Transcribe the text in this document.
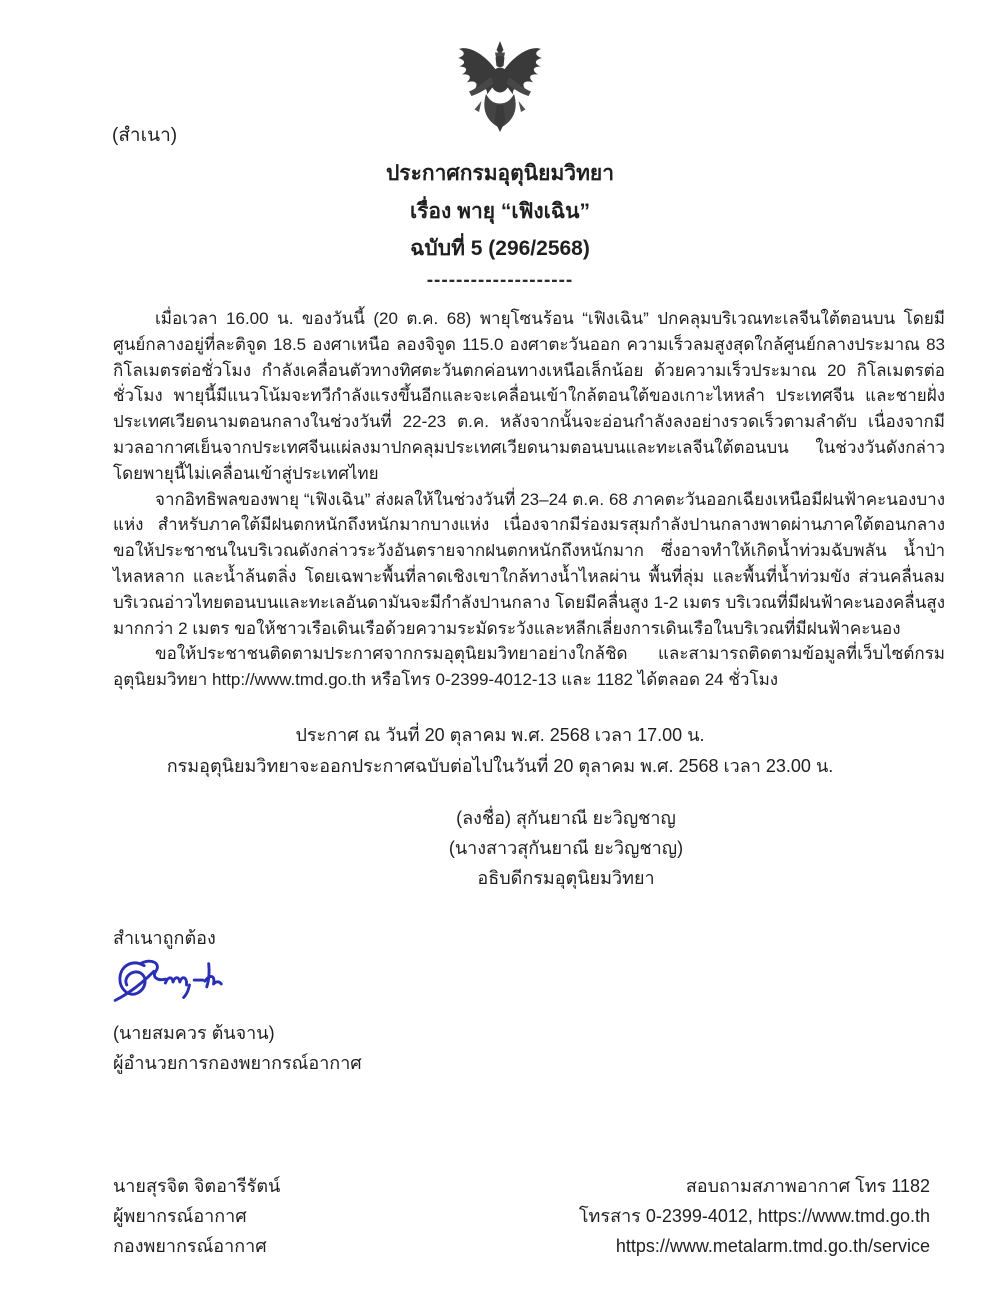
(สำเนา)
ประกาศกรมอุตุนิยมวิทยา
เรื่อง พายุ “เฟิงเฉิน”
ฉบับที่ 5 (296/2568)
--------------------

เมื่อเวลา 16.00 น. ของวันนี้ (20 ต.ค. 68) พายุโซนร้อน “เฟิงเฉิน” ปกคลุมบริเวณทะเลจีนใต้ตอนบน โดยมีศูนย์กลางอยู่ที่ละติจูด 18.5 องศาเหนือ ลองจิจูด 115.0 องศาตะวันออก ความเร็วลมสูงสุดใกล้ศูนย์กลางประมาณ 83 กิโลเมตรต่อชั่วโมง กำลังเคลื่อนตัวทางทิศตะวันตกค่อนทางเหนือเล็กน้อย ด้วยความเร็วประมาณ 20 กิโลเมตรต่อชั่วโมง พายุนี้มีแนวโน้มจะทวีกำลังแรงขึ้นอีกและจะเคลื่อนเข้าใกล้ตอนใต้ของเกาะไหหลำ ประเทศจีน และชายฝั่งประเทศเวียดนามตอนกลางในช่วงวันที่ 22-23 ต.ค. หลังจากนั้นจะอ่อนกำลังลงอย่างรวดเร็วตามลำดับ เนื่องจากมีมวลอากาศเย็นจากประเทศจีนแผ่ลงมาปกคลุมประเทศเวียดนามตอนบนและทะเลจีนใต้ตอนบน ในช่วงวันดังกล่าว โดยพายุนี้ไม่เคลื่อนเข้าสู่ประเทศไทย

จากอิทธิพลของพายุ “เฟิงเฉิน” ส่งผลให้ในช่วงวันที่ 23–24 ต.ค. 68 ภาคตะวันออกเฉียงเหนือมีฝนฟ้าคะนองบางแห่ง สำหรับภาคใต้มีฝนตกหนักถึงหนักมากบางแห่ง เนื่องจากมีร่องมรสุมกำลังปานกลางพาดผ่านภาคใต้ตอนกลาง ขอให้ประชาชนในบริเวณดังกล่าวระวังอันตรายจากฝนตกหนักถึงหนักมาก ซึ่งอาจทำให้เกิดน้ำท่วมฉับพลัน น้ำป่าไหลหลาก และน้ำล้นตลิ่ง โดยเฉพาะพื้นที่ลาดเชิงเขาใกล้ทางน้ำไหลผ่าน พื้นที่ลุ่ม และพื้นที่น้ำท่วมขัง ส่วนคลื่นลมบริเวณอ่าวไทยตอนบนและทะเลอันดามันจะมีกำลังปานกลาง โดยมีคลื่นสูง 1-2 เมตร บริเวณที่มีฝนฟ้าคะนองคลื่นสูงมากกว่า 2 เมตร ขอให้ชาวเรือเดินเรือด้วยความระมัดระวังและหลีกเลี่ยงการเดินเรือในบริเวณที่มีฝนฟ้าคะนอง

ขอให้ประชาชนติดตามประกาศจากกรมอุตุนิยมวิทยาอย่างใกล้ชิด และสามารถติดตามข้อมูลที่เว็บไซต์กรมอุตุนิยมวิทยา http://www.tmd.go.th หรือโทร 0-2399-4012-13 และ 1182 ได้ตลอด 24 ชั่วโมง

ประกาศ ณ วันที่ 20 ตุลาคม พ.ศ. 2568 เวลา 17.00 น.
กรมอุตุนิยมวิทยาจะออกประกาศฉบับต่อไปในวันที่ 20 ตุลาคม พ.ศ. 2568 เวลา 23.00 น.
(ลงชื่อ) สุกันยาณี ยะวิญชาญ
(นางสาวสุกันยาณี ยะวิญชาญ)
อธิบดีกรมอุตุนิยมวิทยา
สำเนาถูกต้อง
(นายสมควร ต้นจาน)
ผู้อำนวยการกองพยากรณ์อากาศ
นายสุรจิต จิตอารีรัตน์
ผู้พยากรณ์อากาศ
กองพยากรณ์อากาศ
สอบถามสภาพอากาศ โทร 1182
โทรสาร 0-2399-4012, https://www.tmd.go.th
https://www.metalarm.tmd.go.th/service
